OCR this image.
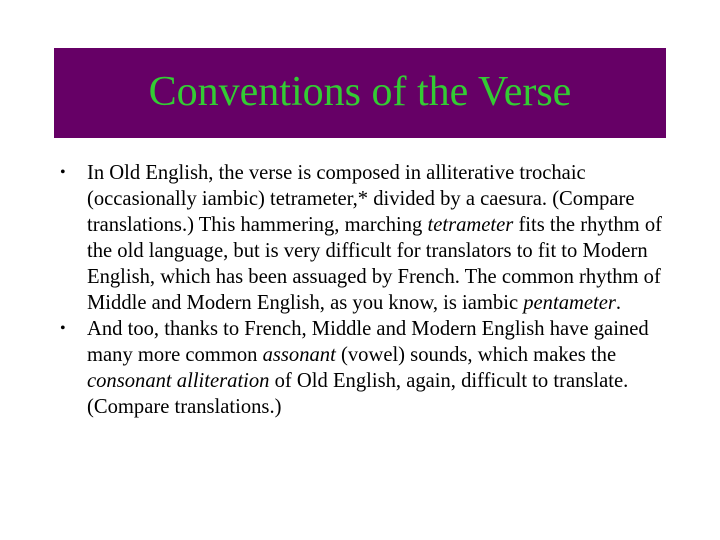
Conventions of the Verse
•	In Old English, the verse is composed in alliterative trochaic (occasionally iambic) tetrameter,* divided by a caesura. (Compare translations.) This hammering, marching tetrameter fits the rhythm of the old language, but is very difficult for translators to fit to Modern English, which has been assuaged by French. The common rhythm of Middle and Modern English, as you know, is iambic pentameter.
•	And too, thanks to French, Middle and Modern English have gained many more common assonant (vowel) sounds, which makes the consonant alliteration of Old English, again, difficult to translate. (Compare translations.)
